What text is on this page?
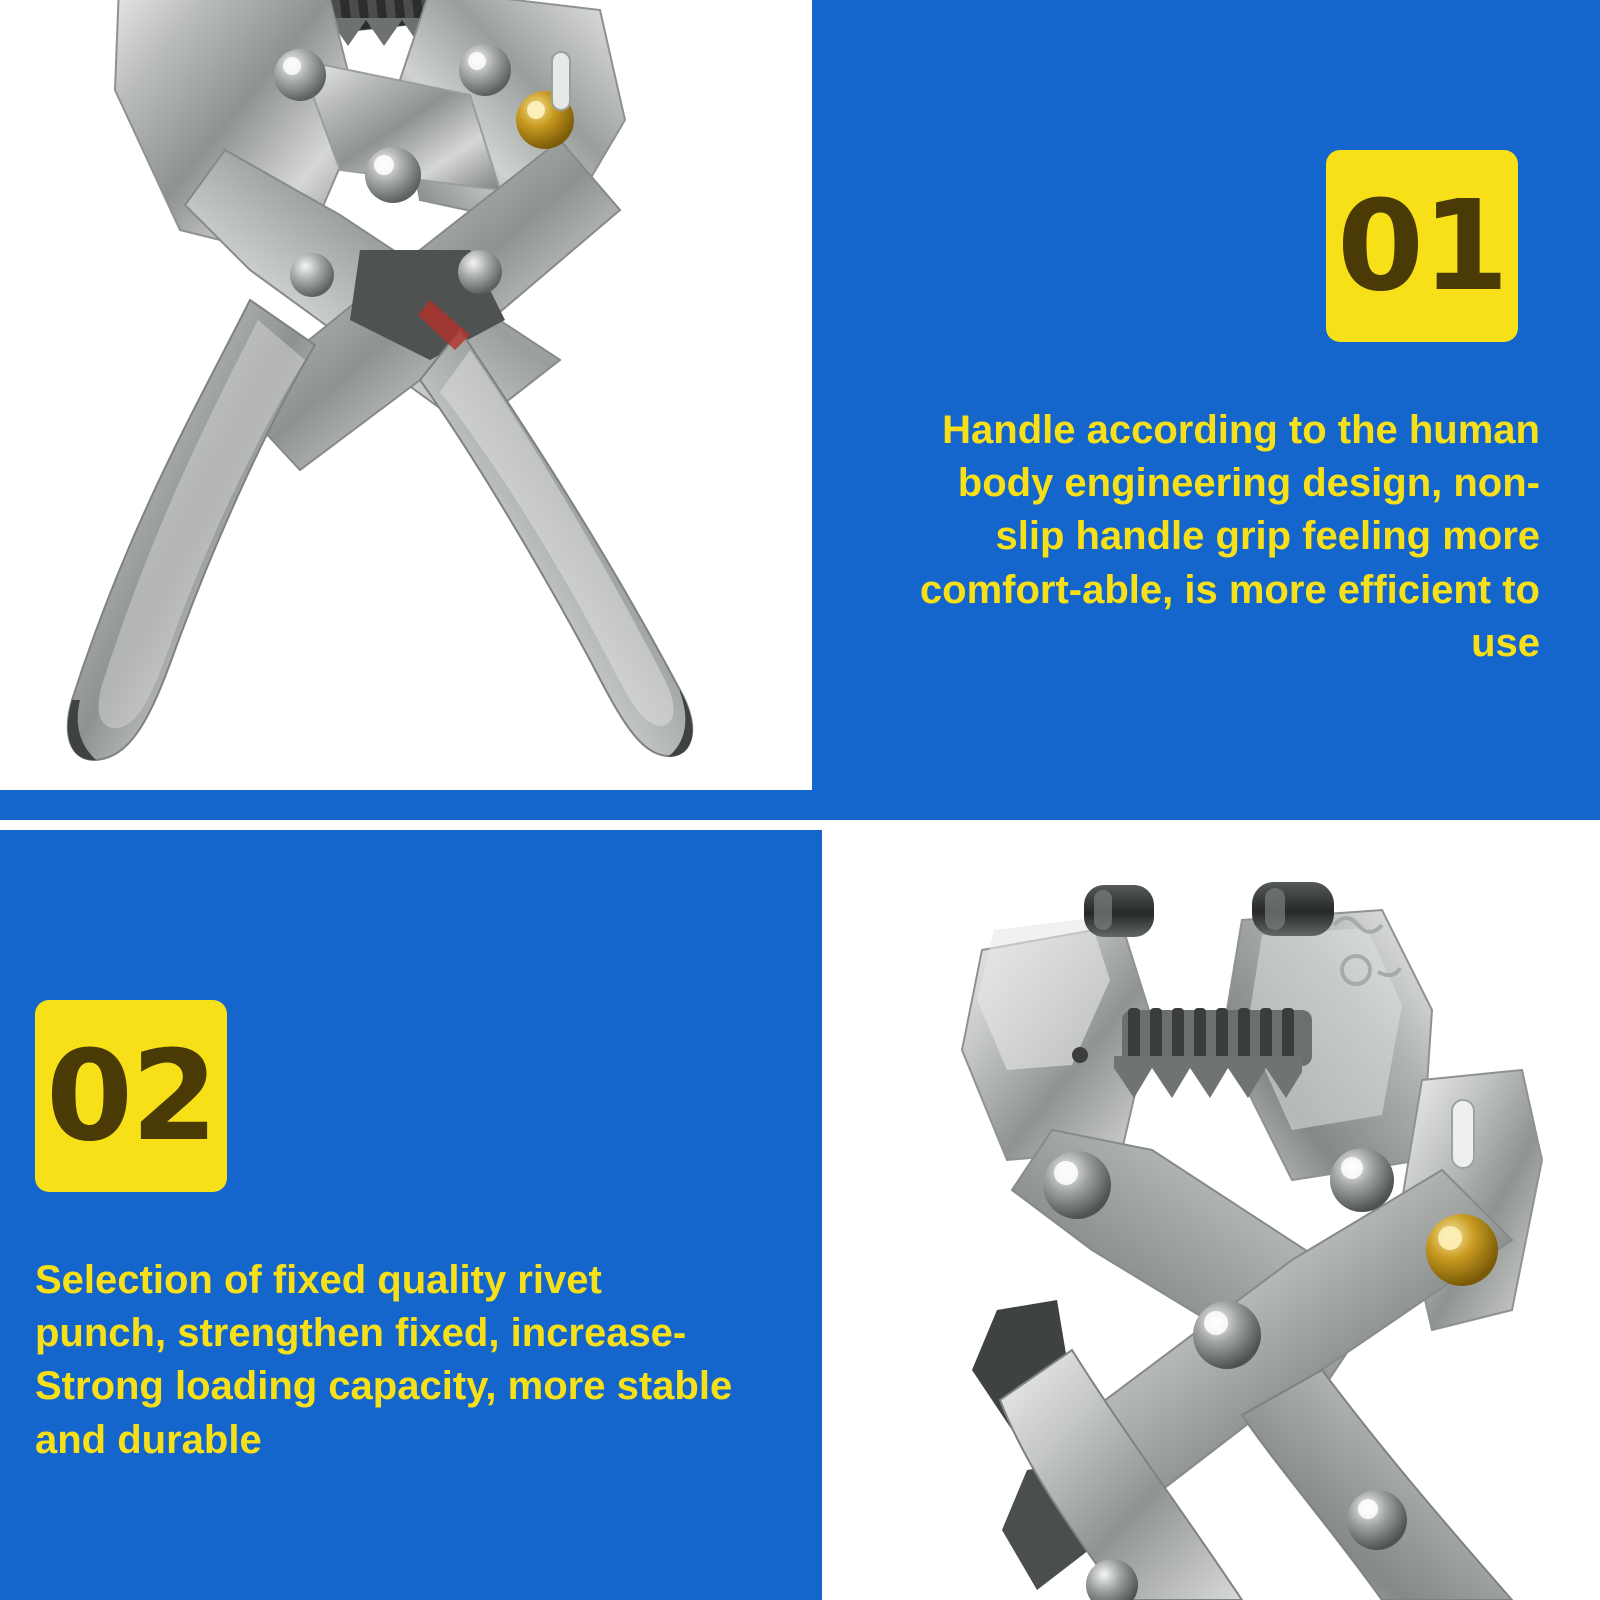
01
Handle according to the human body engineering design, non-slip handle grip feeling more comfort-able, is more efficient to use
02
Selection of fixed quality rivet punch, strengthen fixed, increase-Strong loading capacity, more stable and durable
